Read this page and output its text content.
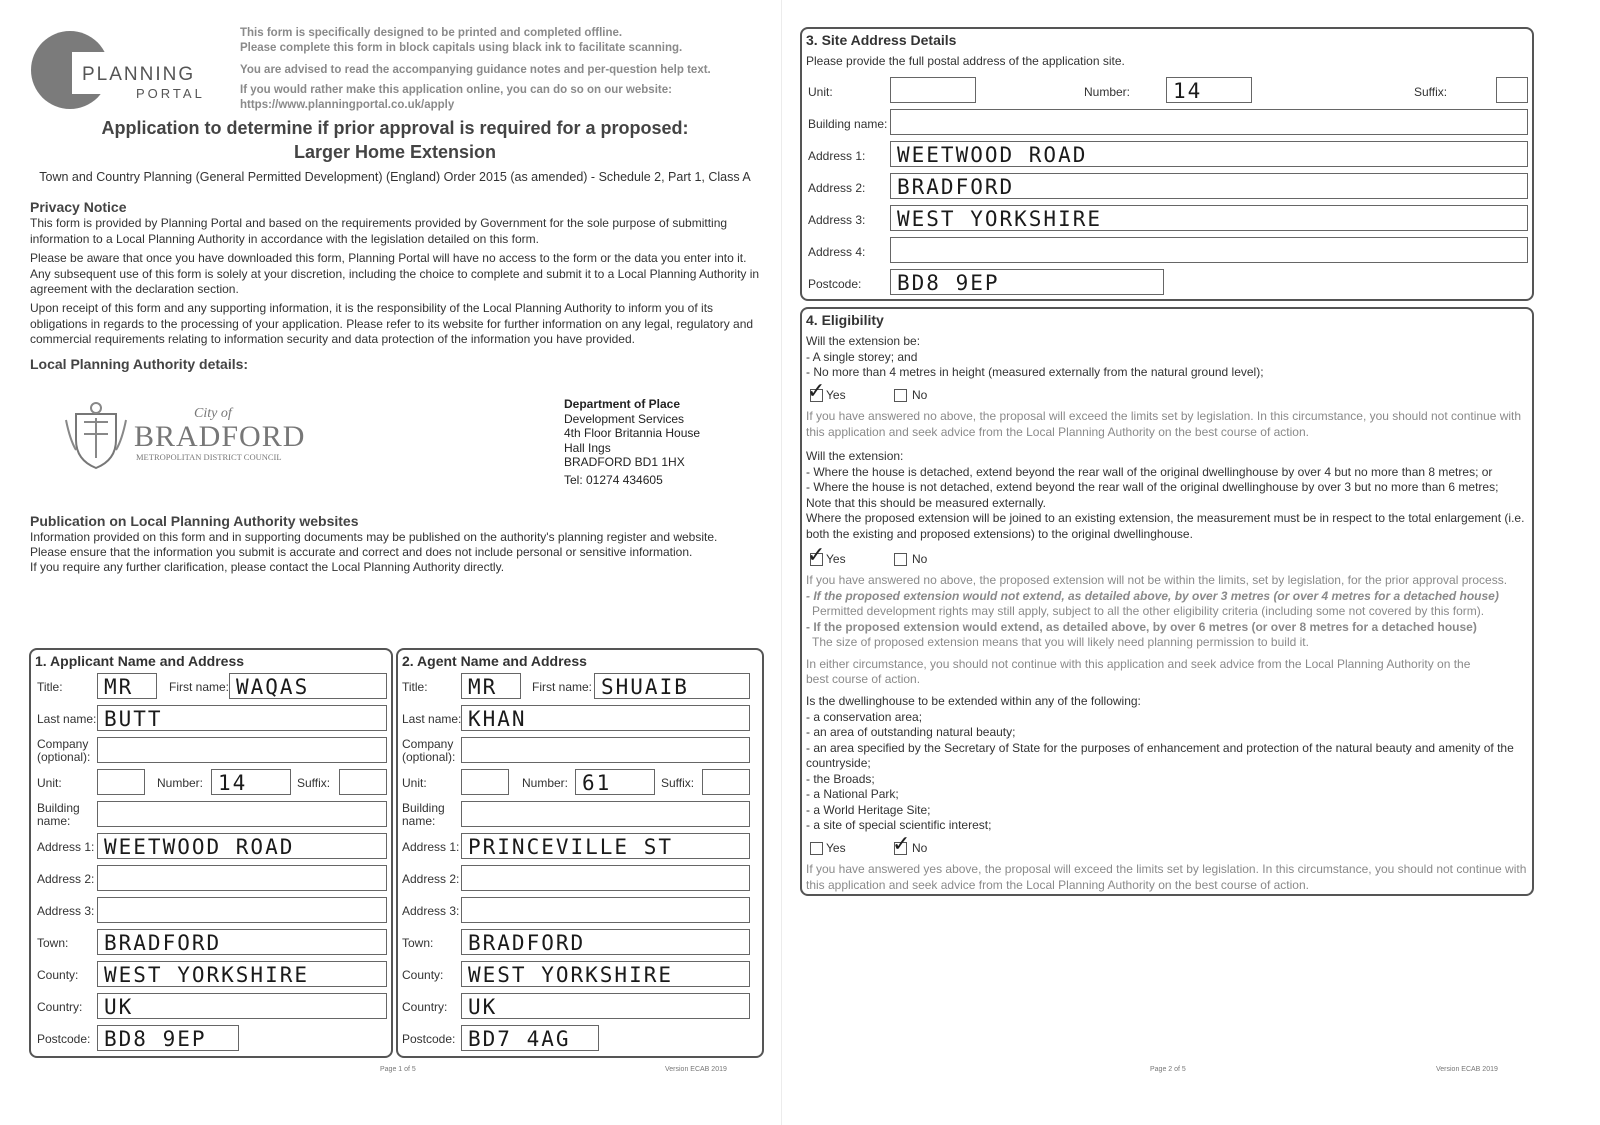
PLANNING
PORTAL
This form is specifically designed to be printed and completed offline.
Please complete this form in block capitals using black ink to facilitate scanning.
You are advised to read the accompanying guidance notes and per-question help text.
If you would rather make this application online, you can do so on our website:
https://www.planningportal.co.uk/apply
Application to determine if prior approval is required for a proposed:
Larger Home Extension
Town and Country Planning (General Permitted Development) (England) Order 2015 (as amended) - Schedule 2, Part 1, Class A
Privacy Notice
This form is provided by Planning Portal and based on the requirements provided by Government for the sole purpose of submitting information to a Local Planning Authority in accordance with the legislation detailed on this form.
Please be aware that once you have downloaded this form, Planning Portal will have no access to the form or the data you enter into it. Any subsequent use of this form is solely at your discretion, including the choice to complete and submit it to a Local Planning Authority in agreement with the declaration section.
Upon receipt of this form and any supporting information, it is the responsibility of the Local Planning Authority to inform you of its obligations in regards to the processing of your application. Please refer to its website for further information on any legal, regulatory and commercial requirements relating to information security and data protection of the information you have provided.
Local Planning Authority details:
City of
BRADFORD
METROPOLITAN DISTRICT COUNCIL
Department of Place
Development Services
4th Floor Britannia House
Hall Ings
BRADFORD BD1 1HX
Tel: 01274 434605
Publication on Local Planning Authority websites
Information provided on this form and in supporting documents may be published on the authority's planning register and website.
Please ensure that the information you submit is accurate and correct and does not include personal or sensitive information.
If you require any further clarification, please contact the Local Planning Authority directly.
1. Applicant Name and Address
Title:	MR	First name: WAQAS
Last name: BUTT
Company
(optional):
Unit:	Number: 14	Suffix:
Building
name:
Address 1: WEETWOOD ROAD
Address 2:
Address 3:
Town:	BRADFORD
County:	WEST YORKSHIRE
Country:	UK
Postcode: BD8 9EP
2. Agent Name and Address
Title:	MR	First name: SHUAIB
Last name: KHAN
Company
(optional):
Unit:	Number: 61	Suffix:
Building
name:
Address 1: PRINCEVILLE ST
Address 2:
Address 3:
Town:	BRADFORD
County:	WEST YORKSHIRE
Country: UK
Postcode: BD7 4AG
Page 1 of 5	Version ECAB 2019
3. Site Address Details
Please provide the full postal address of the application site.
Unit:	Number:	14	Suffix:
Building name:
Address 1:	WEETWOOD ROAD
Address 2:	BRADFORD
Address 3:	WEST YORKSHIRE
Address 4:
Postcode:	BD8 9EP
4. Eligibility
Will the extension be:
- A single storey; and
- No more than 4 metres in height (measured externally from the natural ground level);
✓ Yes	No
If you have answered no above, the proposal will exceed the limits set by legislation. In this circumstance, you should not continue with this application and seek advice from the Local Planning Authority on the best course of action.
Will the extension:
- Where the house is detached, extend beyond the rear wall of the original dwellinghouse by over 4 but no more than 8 metres; or
- Where the house is not detached, extend beyond the rear wall of the original dwellinghouse by over 3 but no more than 6 metres;
Note that this should be measured externally.
Where the proposed extension will be joined to an existing extension, the measurement must be in respect to the total enlargement (i.e. both the existing and proposed extensions) to the original dwellinghouse.
✓ Yes	No
If you have answered no above, the proposed extension will not be within the limits, set by legislation, for the prior approval process.
- If the proposed extension would not extend, as detailed above, by over 3 metres (or over 4 metres for a detached house)
Permitted development rights may still apply, subject to all the other eligibility criteria (including some not covered by this form).
- If the proposed extension would extend, as detailed above, by over 6 metres (or over 8 metres for a detached house)
The size of proposed extension means that you will likely need planning permission to build it.
In either circumstance, you should not continue with this application and seek advice from the Local Planning Authority on the best course of action.
Is the dwellinghouse to be extended within any of the following:
- a conservation area;
- an area of outstanding natural beauty;
- an area specified by the Secretary of State for the purposes of enhancement and protection of the natural beauty and amenity of the countryside;
- the Broads;
- a National Park;
- a World Heritage Site;
- a site of special scientific interest;
Yes ✓ No
If you have answered yes above, the proposal will exceed the limits set by legislation. In this circumstance, you should not continue with this application and seek advice from the Local Planning Authority on the best course of action.
Page 2 of 5	Version ECAB 2019
